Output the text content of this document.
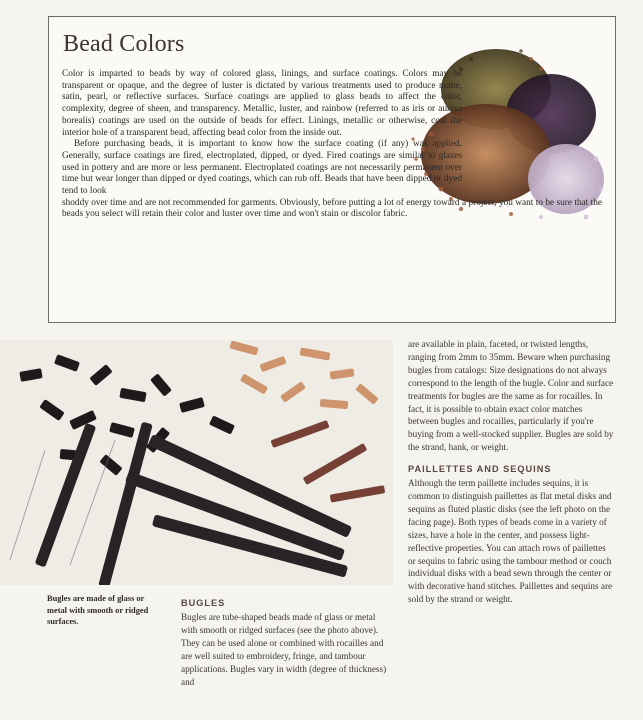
Bead Colors

Color is imparted to beads by way of colored glass, linings, and surface coatings. Colors may be transparent or opaque, and the degree of luster is dictated by various treatments used to produce matte, satin, pearl, or reflective surfaces. Surface coatings are applied to glass beads to affect the color, complexity, degree of sheen, and transparency. Metallic, luster, and rainbow (referred to as iris or aurora borealis) coatings are used on the outside of beads for effect. Linings, metallic or otherwise, coat the interior hole of a transparent bead, affecting bead color from the inside out.

Before purchasing beads, it is important to know how the surface coating (if any) was applied. Generally, surface coatings are fired, electroplated, dipped, or dyed. Fired coatings are similar to glazes used in pottery and are more or less permanent. Electroplated coatings are not necessarily permanent over time but wear longer than dipped or dyed coatings, which can rub off. Beads that have been dipped or dyed tend to look

shoddy over time and are not recommended for garments. Obviously, before putting a lot of energy toward a project, you want to be sure that the beads you select will retain their color and luster over time and won't stain or discolor fabric.

Bugles are made of glass or metal with smooth or ridged surfaces.	Bugles are tube-shaped beads made of glass or metal with smooth or ridged surfaces (see the photo above). They can be used alone or combined with rocailles and are well suited to embroidery, fringe, and tambour applications. Bugles vary in width (degree of thickness) and

BUGLES

are available in plain, faceted, or twisted lengths, ranging from 2mm to 35mm. Beware when purchasing bugles from catalogs: Size designations do not always correspond to the length of the bugle. Color and surface treatments for bugles are the same as for rocailles. In fact, it is possible to obtain exact color matches between bugles and rocailles, particularly if you're buying from a well-stocked supplier. Bugles are sold by the strand, hank, or weight.

PAILLETTES AND SEQUINS

Although the term paillette includes sequins, it is common to distinguish paillettes as flat metal disks and sequins as fluted plastic disks (see the left photo on the facing page). Both types of beads come in a variety of sizes, have a hole in the center, and possess light-reflective properties. You can attach rows of paillettes or sequins to fabric using the tambour method or couch individual disks with a bead sewn through the center or with decorative hand stitches. Paillettes and sequins are sold by the strand or weight.
